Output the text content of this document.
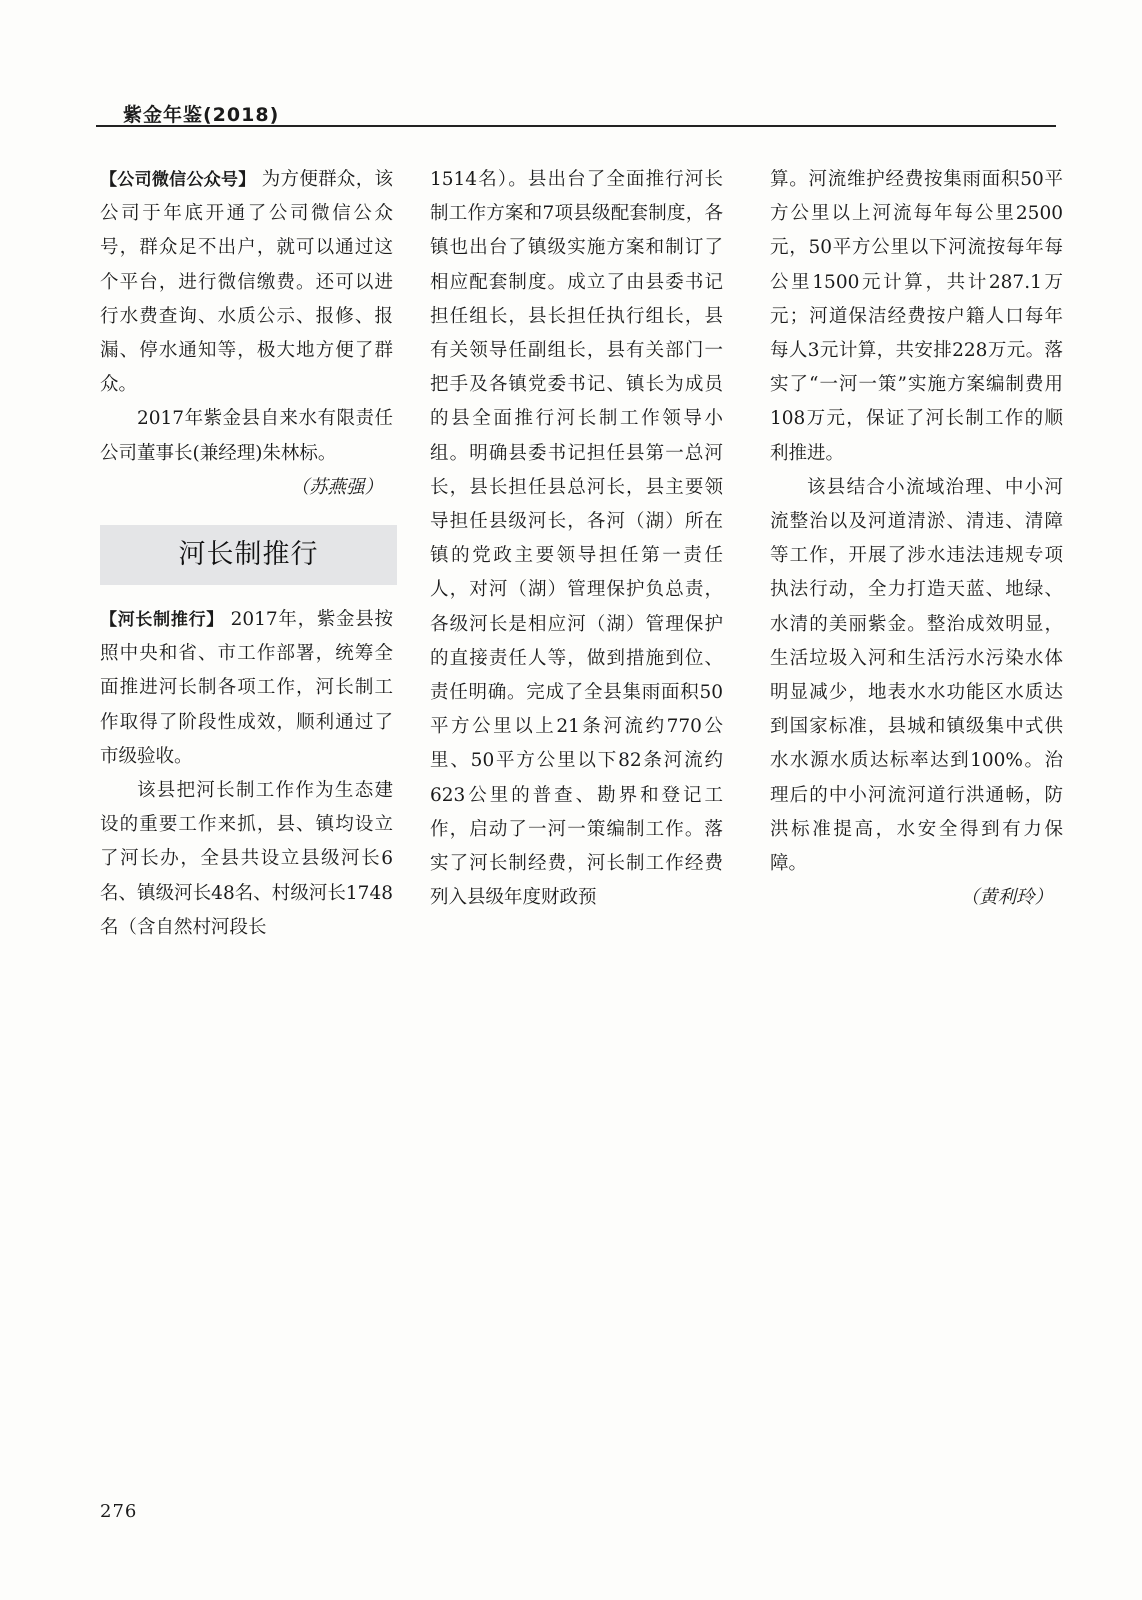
紫金年鉴(2018)

【公司微信公众号】 为方便群众，该公司于年底开通了公司微信公众号，群众足不出户，就可以通过这个平台，进行微信缴费。还可以进行水费查询、水质公示、报修、报漏、停水通知等，极大地方便了群众。

2017年紫金县自来水有限责任公司董事长(兼经理)朱林标。

（苏燕强）

河长制推行

【河长制推行】 2017年，紫金县按照中央和省、市工作部署，统筹全面推进河长制各项工作，河长制工作取得了阶段性成效，顺利通过了市级验收。

该县把河长制工作作为生态建设的重要工作来抓，县、镇均设立了河长办，全县共设立县级河长6名、镇级河长48名、村级河长1748名（含自然村河段长

1514名）。县出台了全面推行河长制工作方案和7项县级配套制度，各镇也出台了镇级实施方案和制订了相应配套制度。成立了由县委书记担任组长，县长担任执行组长，县有关领导任副组长，县有关部门一把手及各镇党委书记、镇长为成员的县全面推行河长制工作领导小组。明确县委书记担任县第一总河长，县长担任县总河长，县主要领导担任县级河长，各河（湖）所在镇的党政主要领导担任第一责任人，对河（湖）管理保护负总责，各级河长是相应河（湖）管理保护的直接责任人等，做到措施到位、责任明确。完成了全县集雨面积50平方公里以上21条河流约770公里、50平方公里以下82条河流约623公里的普查、勘界和登记工作，启动了一河一策编制工作。落实了河长制经费，河长制工作经费列入县级年度财政预

算。河流维护经费按集雨面积50平方公里以上河流每年每公里2500元，50平方公里以下河流按每年每公里1500元计算，共计287.1万元；河道保洁经费按户籍人口每年每人3元计算，共安排228万元。落实了“一河一策”实施方案编制费用108万元，保证了河长制工作的顺利推进。

该县结合小流域治理、中小河流整治以及河道清淤、清违、清障等工作，开展了涉水违法违规专项执法行动，全力打造天蓝、地绿、水清的美丽紫金。整治成效明显，生活垃圾入河和生活污水污染水体明显减少，地表水水功能区水质达到国家标准，县城和镇级集中式供水水源水质达标率达到100%。治理后的中小河流河道行洪通畅，防洪标准提高，水安全得到有力保障。

（黄利玲）

276
